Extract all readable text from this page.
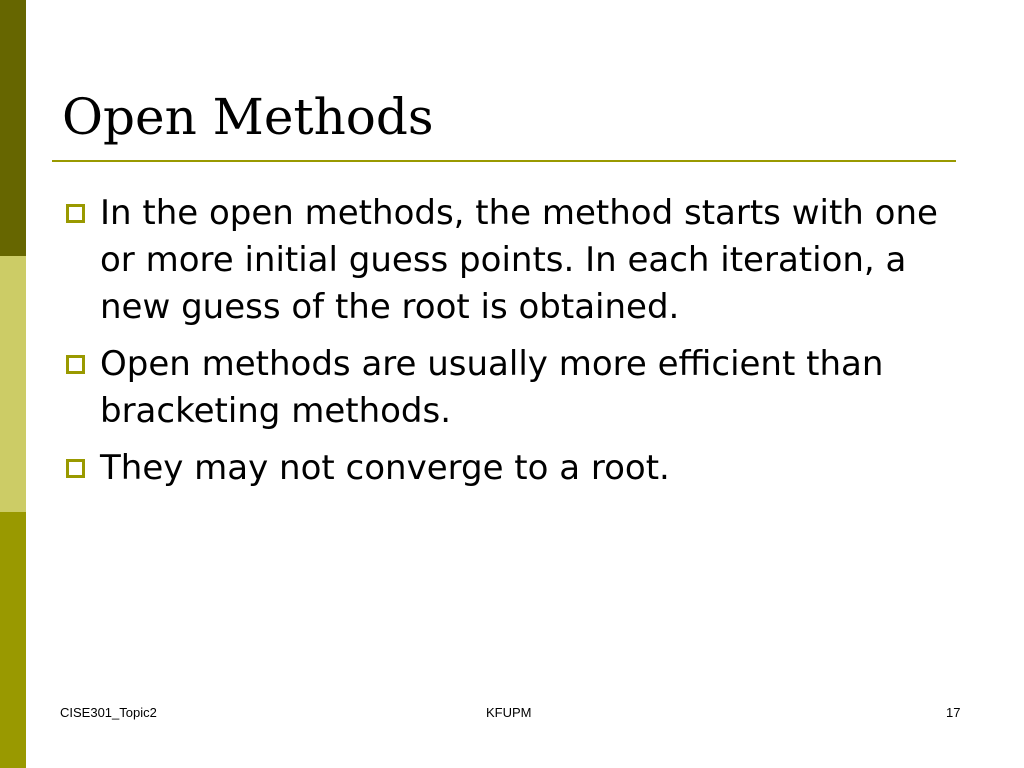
Open Methods
In the open methods, the method starts with one or more initial guess points. In each iteration, a new guess of the root is obtained.
Open methods are usually more efficient than bracketing methods.
They may not converge to a root.
CISE301_Topic2	KFUPM	17
